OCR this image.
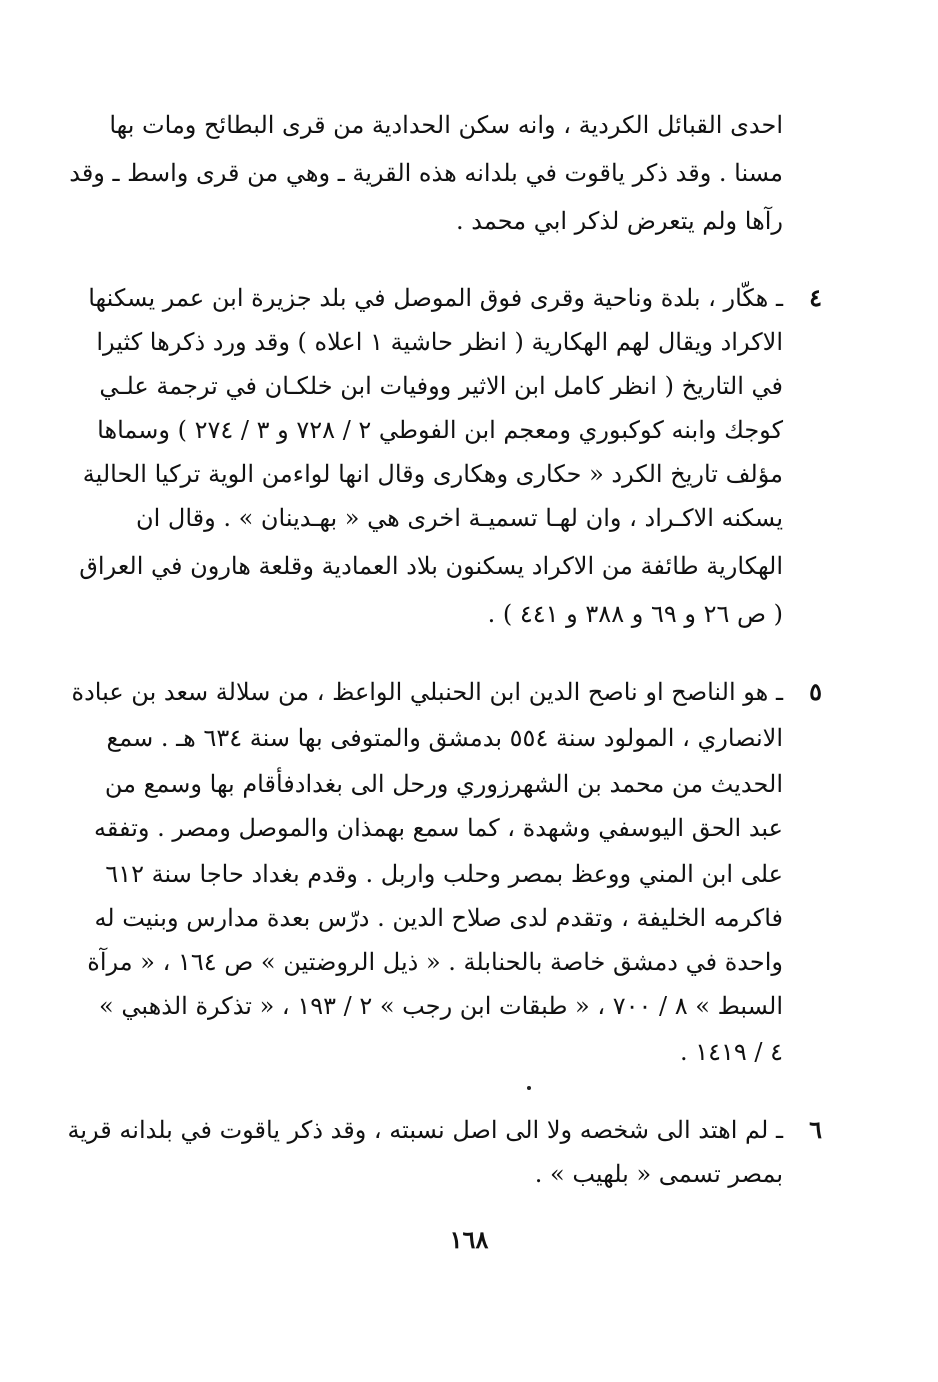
احدى القبائل الكردية ، وانه سكن الحدادية من قرى البطائح ومات بها
مسنا . وقد ذكر ياقوت في بلدانه هذه القرية ـ وهي من قرى واسط ـ وقد
رآها ولم يتعرض لذكر ابي محمد .
٤
ـ هكّار ، بلدة وناحية وقرى فوق الموصل في بلد جزيرة ابن عمر يسكنها
الاكراد ويقال لهم الهكارية ( انظر حاشية ١ اعلاه ) وقد ورد ذكرها كثيرا
في التاريخ ( انظر كامل ابن الاثير ووفيات ابن خلكـان في ترجمة علـي
كوجك وابنه كوكبوري ومعجم ابن الفوطي ٢ / ٧٢٨ و ٣ / ٢٧٤ ) وسماها
مؤلف تاريخ الكرد « حكارى وهكارى وقال انها لواءمن الوية تركيا الحالية
يسكنه الاكـراد ، وان لهـا تسميـة اخرى هي « بهـدينان » . وقال ان
الهكارية طائفة من الاكراد يسكنون بلاد العمادية وقلعة هارون في العراق
( ص ٢٦ و ٦٩ و ٣٨٨ و ٤٤١ ) .
٥
ـ هو الناصح او ناصح الدين ابن الحنبلي الواعظ ، من سلالة سعد بن عبادة
الانصاري ، المولود سنة ٥٥٤ بدمشق والمتوفى بها سنة ٦٣٤ هـ . سمع
الحديث من محمد بن الشهرزوري ورحل الى بغدادفأقام بها وسمع من
عبد الحق اليوسفي وشهدة ، كما سمع بهمذان والموصل ومصر . وتفقه
على ابن المني ووعظ بمصر وحلب واربل . وقدم بغداد حاجا سنة ٦١٢
فاكرمه الخليفة ، وتقدم لدى صلاح الدين . درّس بعدة مدارس وبنيت له
واحدة في دمشق خاصة بالحنابلة . « ذيل الروضتين » ص ١٦٤ ، « مرآة
السبط » ٨ / ٧٠٠ ، « طبقات ابن رجب » ٢ / ١٩٣ ، « تذكرة الذهبي »
٤ / ١٤١٩ .
٦
ـ لم اهتد الى شخصه ولا الى اصل نسبته ، وقد ذكر ياقوت في بلدانه قرية
بمصر تسمى « بلهيب » .
١٦٨
